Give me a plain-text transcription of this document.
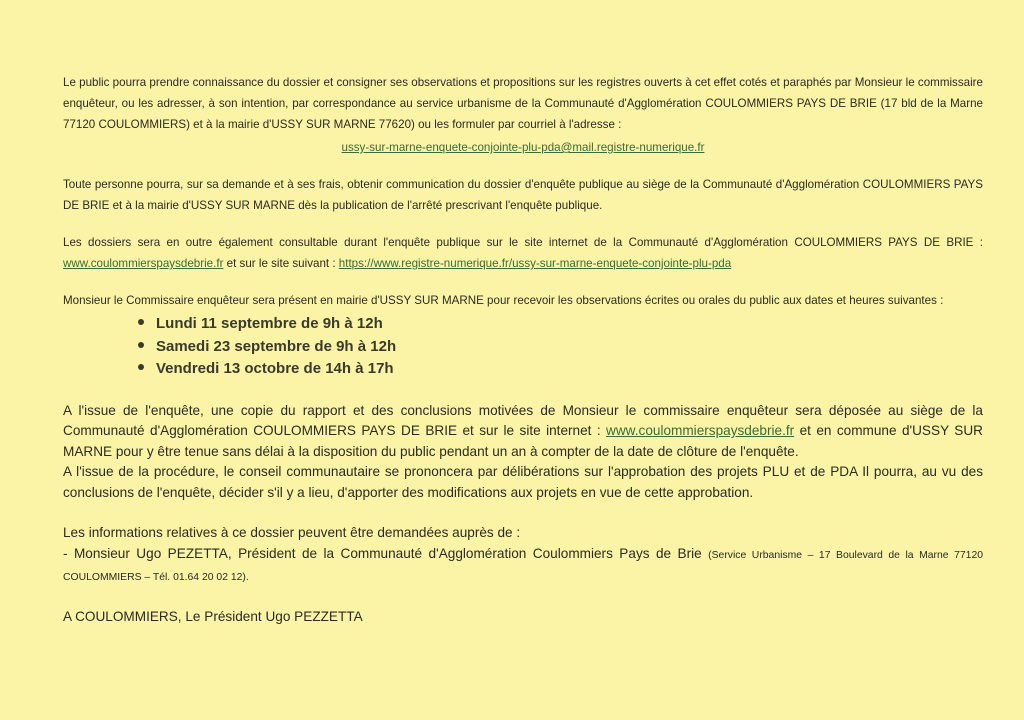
Le public pourra prendre connaissance du dossier et consigner ses observations et propositions sur les registres ouverts à cet effet cotés et paraphés par Monsieur le commissaire enquêteur, ou les adresser, à son intention, par correspondance au service urbanisme de la Communauté d'Agglomération COULOMMIERS PAYS DE BRIE (17 bld de la Marne 77120 COULOMMIERS) et à la mairie d'USSY SUR MARNE 77620) ou les formuler par courriel à l'adresse :

ussy-sur-marne-enquete-conjointe-plu-pda@mail.registre-numerique.fr

Toute personne pourra, sur sa demande et à ses frais, obtenir communication du dossier d'enquête publique au siège de la Communauté d'Agglomération COULOMMIERS PAYS DE BRIE et à la mairie d'USSY SUR MARNE dès la publication de l'arrêté prescrivant l'enquête publique.

Les dossiers sera en outre également consultable durant l'enquête publique sur le site internet de la Communauté d'Agglomération COULOMMIERS PAYS DE BRIE : www.coulommierspaysdebrie.fr et sur le site suivant : https://www.registre-numerique.fr/ussy-sur-marne-enquete-conjointe-plu-pda

Monsieur le Commissaire enquêteur sera présent en mairie d'USSY SUR MARNE pour recevoir les observations écrites ou orales du public aux dates et heures suivantes :

Lundi 11 septembre de 9h à 12h
Samedi 23 septembre de 9h à 12h
Vendredi 13 octobre de 14h à 17h

A l'issue de l'enquête, une copie du rapport et des conclusions motivées de Monsieur le commissaire enquêteur sera déposée au siège de la Communauté d'Agglomération COULOMMIERS PAYS DE BRIE et sur le site internet : www.coulommierspaysdebrie.fr et en commune d'USSY SUR MARNE pour y être tenue sans délai à la disposition du public pendant un an à compter de la date de clôture de l'enquête.

A l'issue de la procédure, le conseil communautaire se prononcera par délibérations sur l'approbation des projets PLU et de PDA Il pourra, au vu des conclusions de l'enquête, décider s'il y a lieu, d'apporter des modifications aux projets en vue de cette approbation.

Les informations relatives à ce dossier peuvent être demandées auprès de :

- Monsieur Ugo PEZETTA, Président de la Communauté d'Agglomération Coulommiers Pays de Brie (Service Urbanisme – 17 Boulevard de la Marne 77120 COULOMMIERS – Tél. 01.64 20 02 12).

A COULOMMIERS, Le Président Ugo PEZZETTA
